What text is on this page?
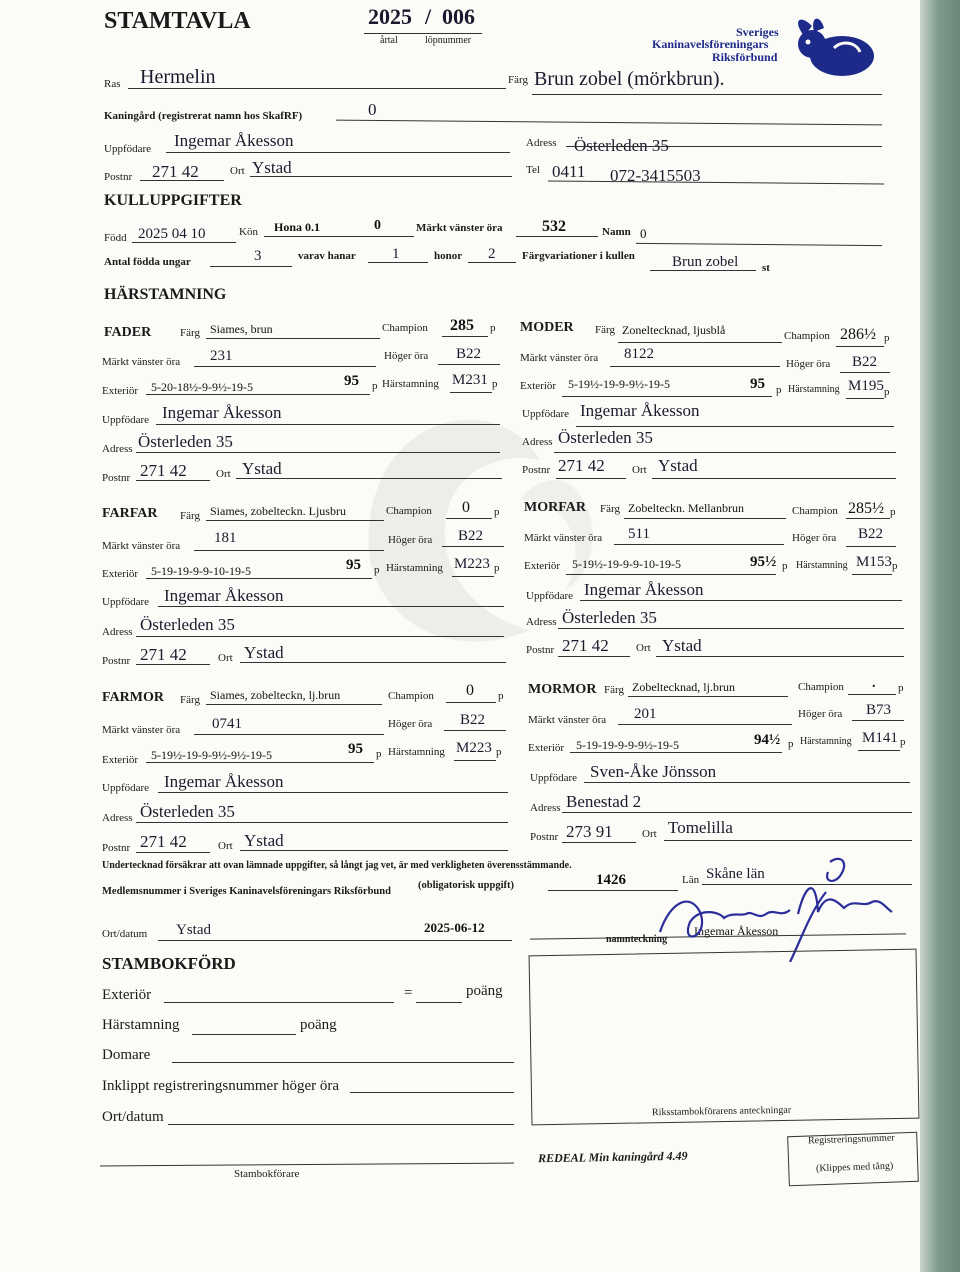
STAMTAVLA	2025 / 006
årtal	löpnummer
Sveriges
Kaninavelsföreningars
Riksförbund
Ras Hermelin	Färg Brun zobel (mörkbrun).
Kaningård (registrerat namn hos SkafRF)	0
Uppfödare Ingemar Åkesson	Adress Österleden 35
Postnr 271 42	Ort Ystad	Tel 0411 072-3415503
KULLUPPGIFTER
Född 2025 04 10	Kön Hona 0.1	0	Märkt vänster öra 532	Namn 0
Antal födda ungar	3	varav hanar 1	honor 2 Färgvariationer i kullen Brun zobel st
HÄRSTAMNING
FADER	Färg Siames, brun	Champion 285 p
Märkt vänster öra 231	Höger öra B22
Exteriör 5-20-18½-9-9½-19-5	95 p Härstamning M231 p
Uppfödare Ingemar Åkesson
Adress Österleden 35
Postnr 271 42	Ort Ystad
MODER Färg Zoneltecknad, ljusblå	Champion 286½ p
Märkt vänster öra 8122
Höger öra B22
Exteriör 5-19½-19-9-9½-19-5	95 p Härstamning M195 p
Uppfödare Ingemar Åkesson
Adress Österleden 35
Postnr 271 42 Ort Ystad
FARFAR Färg Siames, zobelteckn. Ljusbru	Champion 0 p
Märkt vänster öra 181	Höger öra B22
Exteriör 5-19-19-9-9-10-19-5	95 p Härstamning M223 p
Uppfödare Ingemar Åkesson
Adress Österleden 35
Postnr 271 42	Ort Ystad
MORFAR Färg Zobelteckn. Mellanbrun	Champion 285½ p
Märkt vänster öra 511	Höger öra B22
Exteriör 5-19½-19-9-9-10-19-5	95½ p Härstamning M153 p
Uppfödare Ingemar Åkesson
Adress Österleden 35
Postnr 271 42 Ort Ystad
FARMOR Färg Siames, zobelteckn, lj.brun	Champion 0 p
Märkt vänster öra 0741	Höger öra B22
Exteriör 5-19½-19-9-9½-9½-19-5	95 p Härstamning M223 p
Uppfödare Ingemar Åkesson
Adress Österleden 35
Postnr 271 42	Ort Ystad
MORMOR Färg Zobeltecknad, lj.brun	Champion . p
Märkt vänster öra 201	Höger öra B73
Exteriör 5-19-19-9-9-9½-19-5	94½ p Härstamning M141 p
Uppfödare Sven-Åke Jönsson
Adress Benestad 2
Postnr 273 91	Ort Tomelilla
Undertecknad försäkrar att ovan lämnade uppgifter, så långt jag vet, är med verkligheten överensstämmande.
Medlemsnummer i Sveriges Kaninavelsföreningars Riksförbund
(obligatorisk uppgift)	1426	Län Skåne län
Ort/datum Ystad	2025-06-12
namnteckning
Ingemar Åkesson
STAMBOKFÖRD
Exteriör	=	poäng
Härstamning	poäng
Domare
Inklippt registreringsnummer höger öra
Ort/datum
Stambokförare
Riksstambokförarens anteckningar
REDEAL Min kaningård 4.49
Registreringsnummer
(Klippes med tång)
